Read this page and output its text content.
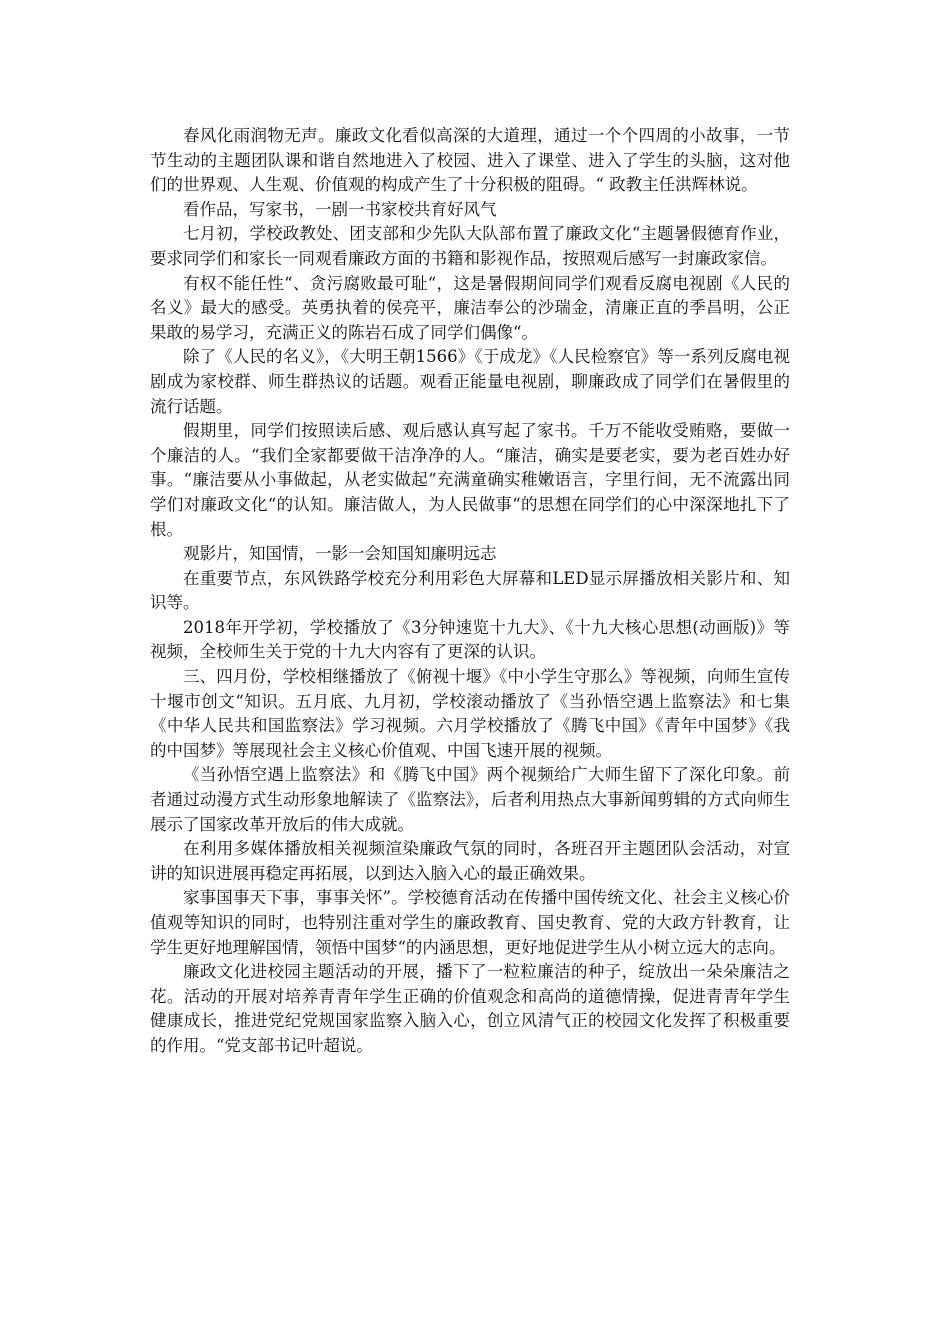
春风化雨润物无声。廉政文化看似高深的大道理，通过一个个四周的小故事，一节节生动的主题团队课和谐自然地进入了校园、进入了课堂、进入了学生的头脑，这对他们的世界观、人生观、价值观的构成产生了十分积极的阻碍。“ 政教主任洪辉林说。

看作品，写家书，一剧一书家校共育好风气

七月初，学校政教处、团支部和少先队大队部布置了廉政文化“主题暑假德育作业，要求同学们和家长一同观看廉政方面的书籍和影视作品，按照观后感写一封廉政家信。

有权不能任性“、贪污腐败最可耻“，这是暑假期间同学们观看反腐电视剧《人民的名义》最大的感受。英勇执着的侯亮平，廉洁奉公的沙瑞金，清廉正直的季昌明，公正果敢的易学习，充满正义的陈岩石成了同学们偶像“。

除了《人民的名义》，《大明王朝1566》《于成龙》《人民检察官》等一系列反腐电视剧成为家校群、师生群热议的话题。观看正能量电视剧，聊廉政成了同学们在暑假里的流行话题。

假期里，同学们按照读后感、观后感认真写起了家书。千万不能收受贿赂，要做一个廉洁的人。“我们全家都要做干洁净净的人。“廉洁，确实是要老实，要为老百姓办好事。“廉洁要从小事做起，从老实做起“充满童确实稚嫩语言，字里行间，无不流露出同学们对廉政文化“的认知。廉洁做人，为人民做事“的思想在同学们的心中深深地扎下了根。

观影片，知国情，一影一会知国知廉明远志

在重要节点，东风铁路学校充分利用彩色大屏幕和LED显示屏播放相关影片和、知识等。

2018年开学初，学校播放了《3分钟速览十九大》、《十九大核心思想(动画版)》等视频，全校师生关于党的十九大内容有了更深的认识。

三、四月份，学校相继播放了《俯视十堰》《中小学生守那么》等视频，向师生宣传十堰市创文“知识。五月底、九月初，学校滚动播放了《当孙悟空遇上监察法》和七集《中华人民共和国监察法》学习视频。六月学校播放了《腾飞中国》《青年中国梦》《我的中国梦》等展现社会主义核心价值观、中国飞速开展的视频。

《当孙悟空遇上监察法》和《腾飞中国》两个视频给广大师生留下了深化印象。前者通过动漫方式生动形象地解读了《监察法》，后者利用热点大事新闻剪辑的方式向师生展示了国家改革开放后的伟大成就。

在利用多媒体播放相关视频渲染廉政气氛的同时，各班召开主题团队会活动，对宣讲的知识进展再稳定再拓展，以到达入脑入心的最正确效果。

家事国事天下事，事事关怀”。学校德育活动在传播中国传统文化、社会主义核心价值观等知识的同时，也特别注重对学生的廉政教育、国史教育、党的大政方针教育，让学生更好地理解国情，领悟中国梦“的内涵思想，更好地促进学生从小树立远大的志向。

廉政文化进校园主题活动的开展，播下了一粒粒廉洁的种子，绽放出一朵朵廉洁之花。活动的开展对培养青青年学生正确的价值观念和高尚的道德情操，促进青青年学生健康成长，推进党纪党规国家监察入脑入心，创立风清气正的校园文化发挥了积极重要的作用。“党支部书记叶超说。
